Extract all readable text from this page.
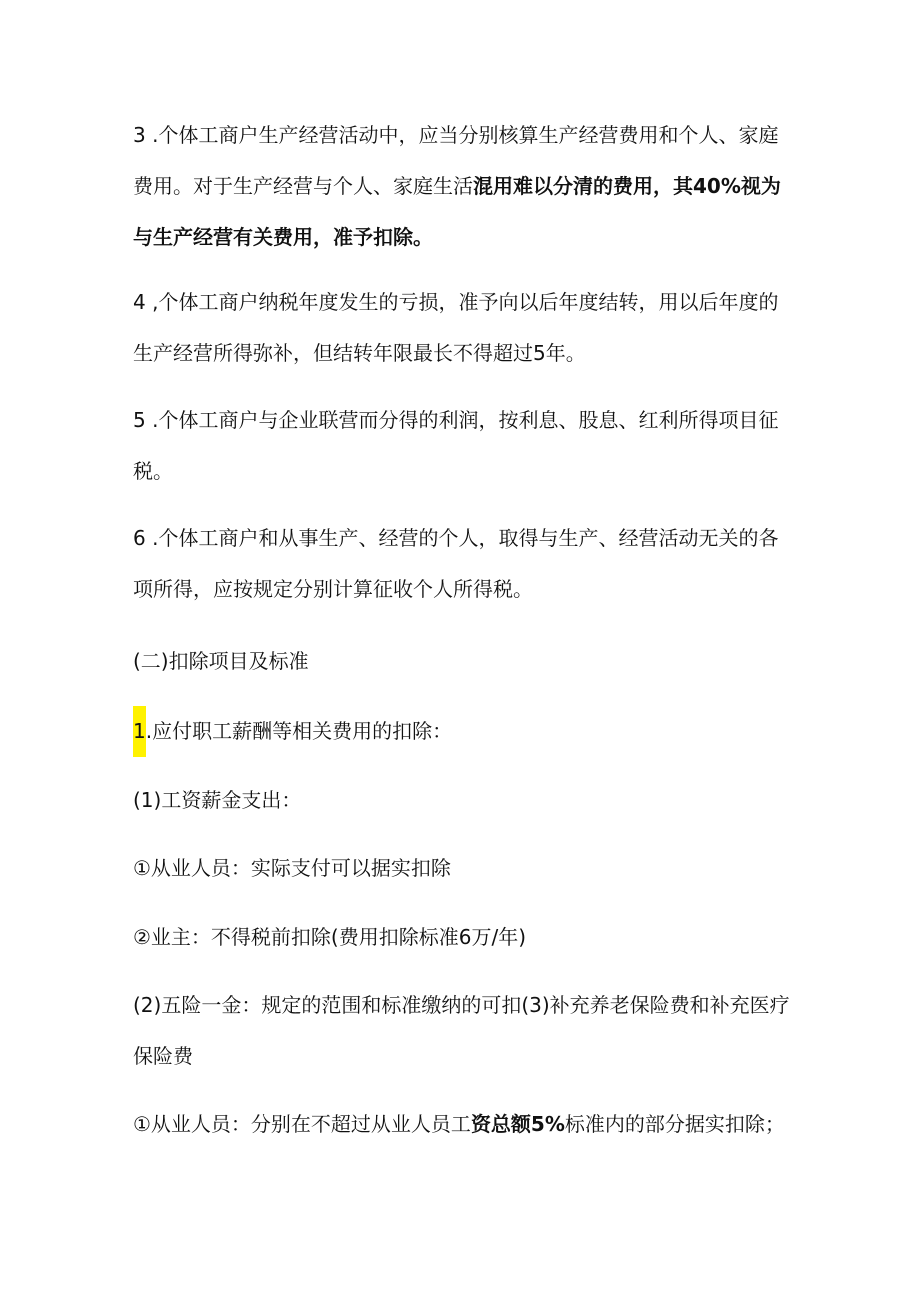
3 .个体工商户生产经营活动中，应当分别核算生产经营费用和个人、家庭
费用。对于生产经营与个人、家庭生活混用难以分清的费用，其40%视为
与生产经营有关费用，准予扣除。
4 ,个体工商户纳税年度发生的亏损，准予向以后年度结转，用以后年度的
生产经营所得弥补，但结转年限最长不得超过5年。
5 .个体工商户与企业联营而分得的利润，按利息、股息、红利所得项目征
税。
6 .个体工商户和从事生产、经营的个人，取得与生产、经营活动无关的各
项所得，应按规定分别计算征收个人所得税。
(二)扣除项目及标准
1.应付职工薪酬等相关费用的扣除：
(1)工资薪金支出：
①从业人员：实际支付可以据实扣除
②业主：不得税前扣除(费用扣除标准6万/年)
(2)五险一金：规定的范围和标准缴纳的可扣(3)补充养老保险费和补充医疗
保险费
①从业人员：分别在不超过从业人员工资总额5%标准内的部分据实扣除；
